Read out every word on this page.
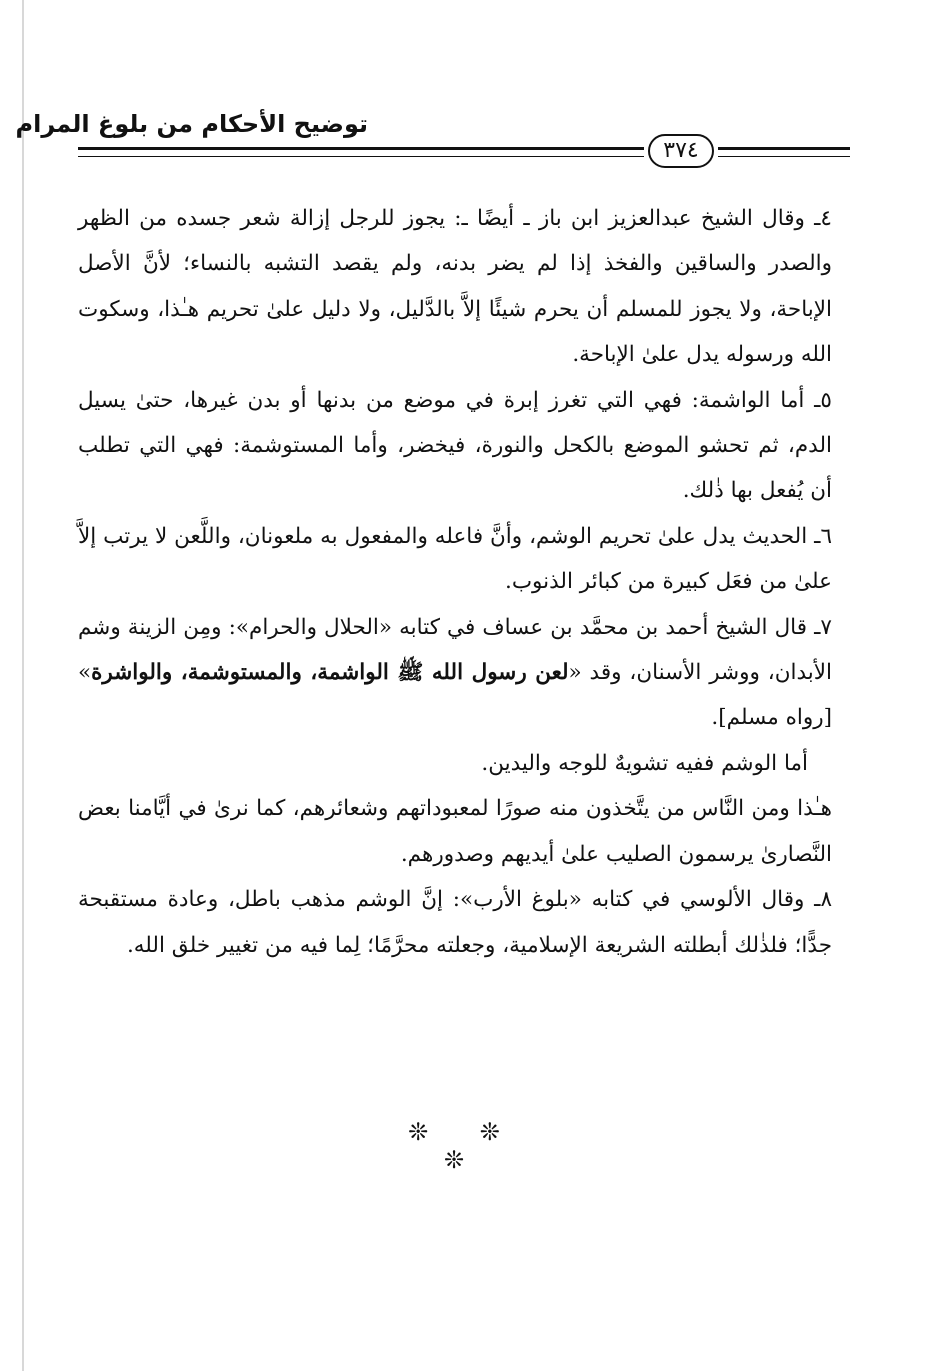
توضيح الأحكام من بلوغ المرام
٣٧٤

٤ـ وقال الشيخ عبدالعزيز ابن باز ـ أيضًا ـ: يجوز للرجل إزالة شعر جسده من الظهر والصدر والساقين والفخذ إذا لم يضر بدنه، ولم يقصد التشبه بالنساء؛ لأنَّ الأصل الإباحة، ولا يجوز للمسلم أن يحرم شيئًا إلاَّ بالدَّليل، ولا دليل علىٰ تحريم هـٰذا، وسكوت الله ورسوله يدل علىٰ الإباحة.

٥ـ أما الواشمة: فهي التي تغرز إبرة في موضع من بدنها أو بدن غيرها، حتىٰ يسيل الدم، ثم تحشو الموضع بالكحل والنورة، فيخضر، وأما المستوشمة: فهي التي تطلب أن يُفعل بها ذٰلك.

٦ـ الحديث يدل علىٰ تحريم الوشم، وأنَّ فاعله والمفعول به ملعونان، واللَّعن لا يرتب إلاَّ علىٰ من فعَل كبيرة من كبائر الذنوب.

٧ـ قال الشيخ أحمد بن محمَّد بن عساف في كتابه «الحلال والحرام»: ومِن الزينة وشم الأبدان، ووشر الأسنان، وقد «لعن رسول الله ﷺ الواشمة، والمستوشمة، والواشرة» [رواه مسلم].

أما الوشم ففيه تشويهٌ للوجه واليدين.

هـٰذا ومن النَّاس من يتَّخذون منه صورًا لمعبوداتهم وشعائرهم، كما نرىٰ في أيَّامنا بعض النَّصارىٰ يرسمون الصليب علىٰ أيديهم وصدورهم.

٨ـ وقال الألوسي في كتابه «بلوغ الأرب»: إنَّ الوشم مذهب باطل، وعادة مستقبحة جدًّا؛ فلذٰلك أبطلته الشريعة الإسلامية، وجعلته محرَّمًا؛ لِما فيه من تغيير خلق الله.

❊ ❊ ❊
